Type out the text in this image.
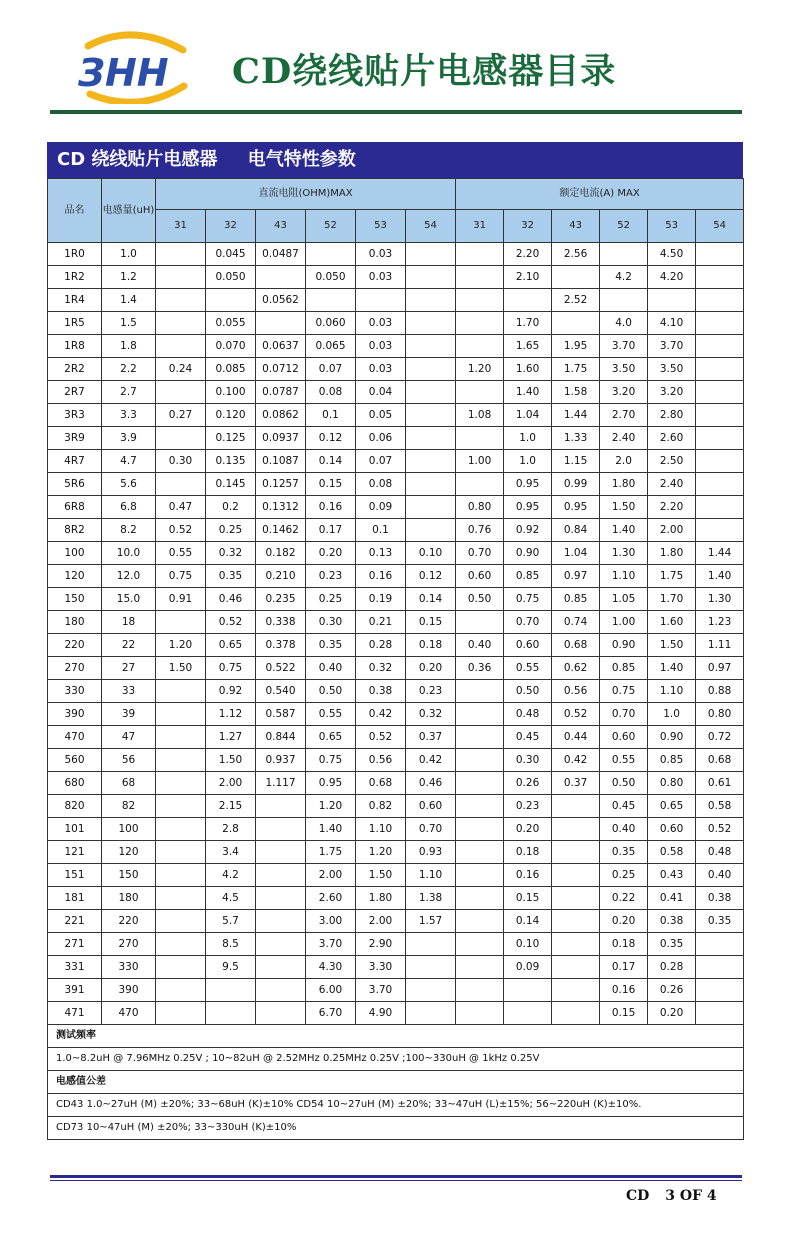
ЗHH CD绕线贴片电感器目录
CD 绕线贴片电感器 电气特性参数
品名	电感量(uH)	直流电阻(OHM)MAX						额定电流(A) MAX					
		31	32	43	52	53	54	31	32	43	52	53	54
1R0	1.0		0.045	0.0487		0.03			2.20	2.56		4.50	
1R2	1.2		0.050		0.050	0.03			2.10		4.2	4.20	
1R4	1.4			0.0562						2.52			
1R5	1.5		0.055		0.060	0.03			1.70		4.0	4.10	
1R8	1.8		0.070	0.0637	0.065	0.03			1.65	1.95	3.70	3.70	
2R2	2.2	0.24	0.085	0.0712	0.07	0.03		1.20	1.60	1.75	3.50	3.50	
2R7	2.7		0.100	0.0787	0.08	0.04			1.40	1.58	3.20	3.20	
3R3	3.3	0.27	0.120	0.0862	0.1	0.05		1.08	1.04	1.44	2.70	2.80	
3R9	3.9		0.125	0.0937	0.12	0.06			1.0	1.33	2.40	2.60	
4R7	4.7	0.30	0.135	0.1087	0.14	0.07		1.00	1.0	1.15	2.0	2.50	
5R6	5.6		0.145	0.1257	0.15	0.08			0.95	0.99	1.80	2.40	
6R8	6.8	0.47	0.2	0.1312	0.16	0.09		0.80	0.95	0.95	1.50	2.20	
8R2	8.2	0.52	0.25	0.1462	0.17	0.1		0.76	0.92	0.84	1.40	2.00	
100	10.0	0.55	0.32	0.182	0.20	0.13	0.10	0.70	0.90	1.04	1.30	1.80	1.44
120	12.0	0.75	0.35	0.210	0.23	0.16	0.12	0.60	0.85	0.97	1.10	1.75	1.40
150	15.0	0.91	0.46	0.235	0.25	0.19	0.14	0.50	0.75	0.85	1.05	1.70	1.30
180	18		0.52	0.338	0.30	0.21	0.15		0.70	0.74	1.00	1.60	1.23
220	22	1.20	0.65	0.378	0.35	0.28	0.18	0.40	0.60	0.68	0.90	1.50	1.11
270	27	1.50	0.75	0.522	0.40	0.32	0.20	0.36	0.55	0.62	0.85	1.40	0.97
330	33		0.92	0.540	0.50	0.38	0.23		0.50	0.56	0.75	1.10	0.88
390	39		1.12	0.587	0.55	0.42	0.32		0.48	0.52	0.70	1.0	0.80
470	47		1.27	0.844	0.65	0.52	0.37		0.45	0.44	0.60	0.90	0.72
560	56		1.50	0.937	0.75	0.56	0.42		0.30	0.42	0.55	0.85	0.68
680	68		2.00	1.117	0.95	0.68	0.46		0.26	0.37	0.50	0.80	0.61
820	82		2.15		1.20	0.82	0.60		0.23		0.45	0.65	0.58
101	100		2.8		1.40	1.10	0.70		0.20		0.40	0.60	0.52
121	120		3.4		1.75	1.20	0.93		0.18		0.35	0.58	0.48
151	150		4.2		2.00	1.50	1.10		0.16		0.25	0.43	0.40
181	180		4.5		2.60	1.80	1.38		0.15		0.22	0.41	0.38
221	220		5.7		3.00	2.00	1.57		0.14		0.20	0.38	0.35
271	270		8.5		3.70	2.90			0.10		0.18	0.35	
331	330		9.5		4.30	3.30			0.09		0.17	0.28	
391	390				6.00	3.70					0.16	0.26	
471	470				6.70	4.90					0.15	0.20	
测试频率													
1.0~8.2uH @ 7.96MHz 0.25V ; 10~82uH @ 2.52MHz 0.25MHz 0.25V ;100~330uH @ 1kHz 0.25V													
电感值公差													
CD43 1.0~27uH (M) ±20%; 33~68uH (K)±10% CD54 10~27uH (M) ±20%; 33~47uH (L)±15%; 56~220uH (K)±10%.													
CD73 10~47uH (M) ±20%; 33~330uH (K)±10%													
CD 3 OF 4
